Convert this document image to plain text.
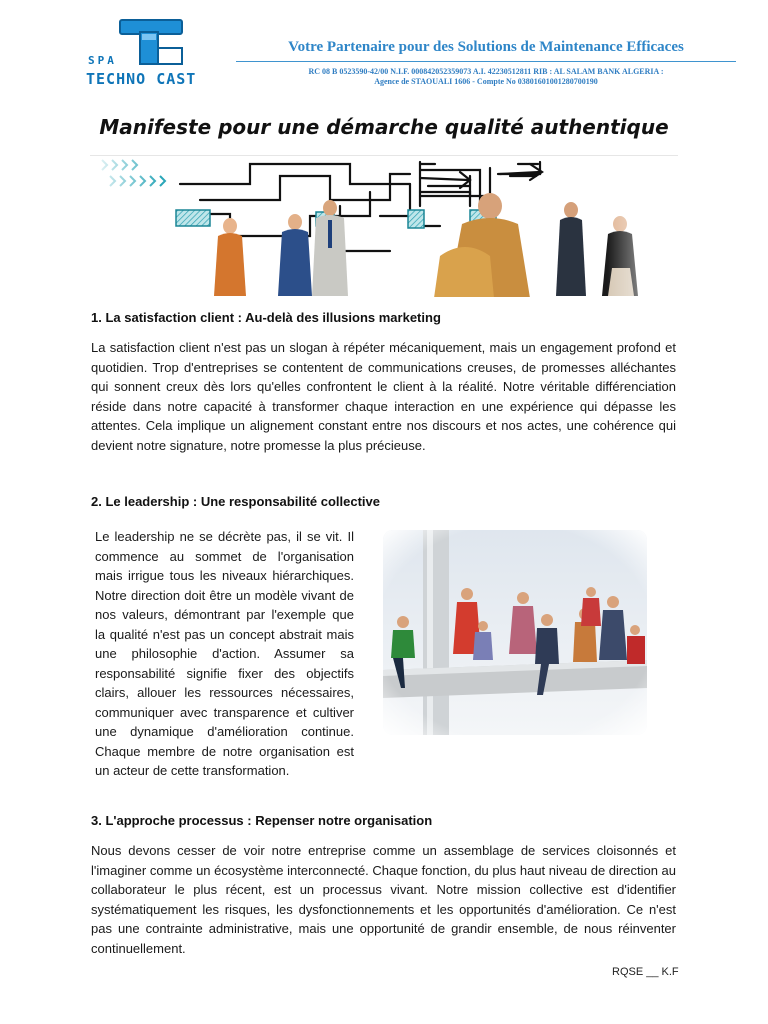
SPA
TECHNO CAST
Votre Partenaire pour des Solutions de Maintenance Efficaces
RC 08 B 0523590-42/00 N.I.F. 000842052359073 A.I. 42230512811 RIB : AL SALAM BANK ALGERIA :
Agence de STAOUALI 1606 - Compte No 03801601001280700190
Manifeste pour une démarche qualité authentique
1. La satisfaction client : Au-delà des illusions marketing

La satisfaction client n'est pas un slogan à répéter mécaniquement, mais un engagement profond et quotidien. Trop d'entreprises se contentent de communications creuses, de promesses alléchantes qui sonnent creux dès lors qu'elles confrontent le client à la réalité. Notre véritable différenciation réside dans notre capacité à transformer chaque interaction en une expérience qui dépasse les attentes. Cela implique un alignement constant entre nos discours et nos actes, une cohérence qui devient notre signature, notre promesse la plus précieuse.

2. Le leadership : Une responsabilité collective

Le leadership ne se décrète pas, il se vit. Il commence au sommet de l'organisation mais irrigue tous les niveaux hiérarchiques. Notre direction doit être un modèle vivant de nos valeurs, démontrant par l'exemple que la qualité n'est pas un concept abstrait mais une philosophie d'action. Assumer sa responsabilité signifie fixer des objectifs clairs, allouer les ressources nécessaires, communiquer avec transparence et cultiver une dynamique d'amélioration continue. Chaque membre de notre organisation est un acteur de cette transformation.

3. L'approche processus : Repenser notre organisation

Nous devons cesser de voir notre entreprise comme un assemblage de services cloisonnés et l'imaginer comme un écosystème interconnecté. Chaque fonction, du plus haut niveau de direction au collaborateur le plus récent, est un processus vivant. Notre mission collective est d'identifier systématiquement les risques, les dysfonctionnements et les opportunités d'amélioration. Ce n'est pas une contrainte administrative, mais une opportunité de grandir ensemble, de nous réinventer continuellement.

RQSE __ K.F
